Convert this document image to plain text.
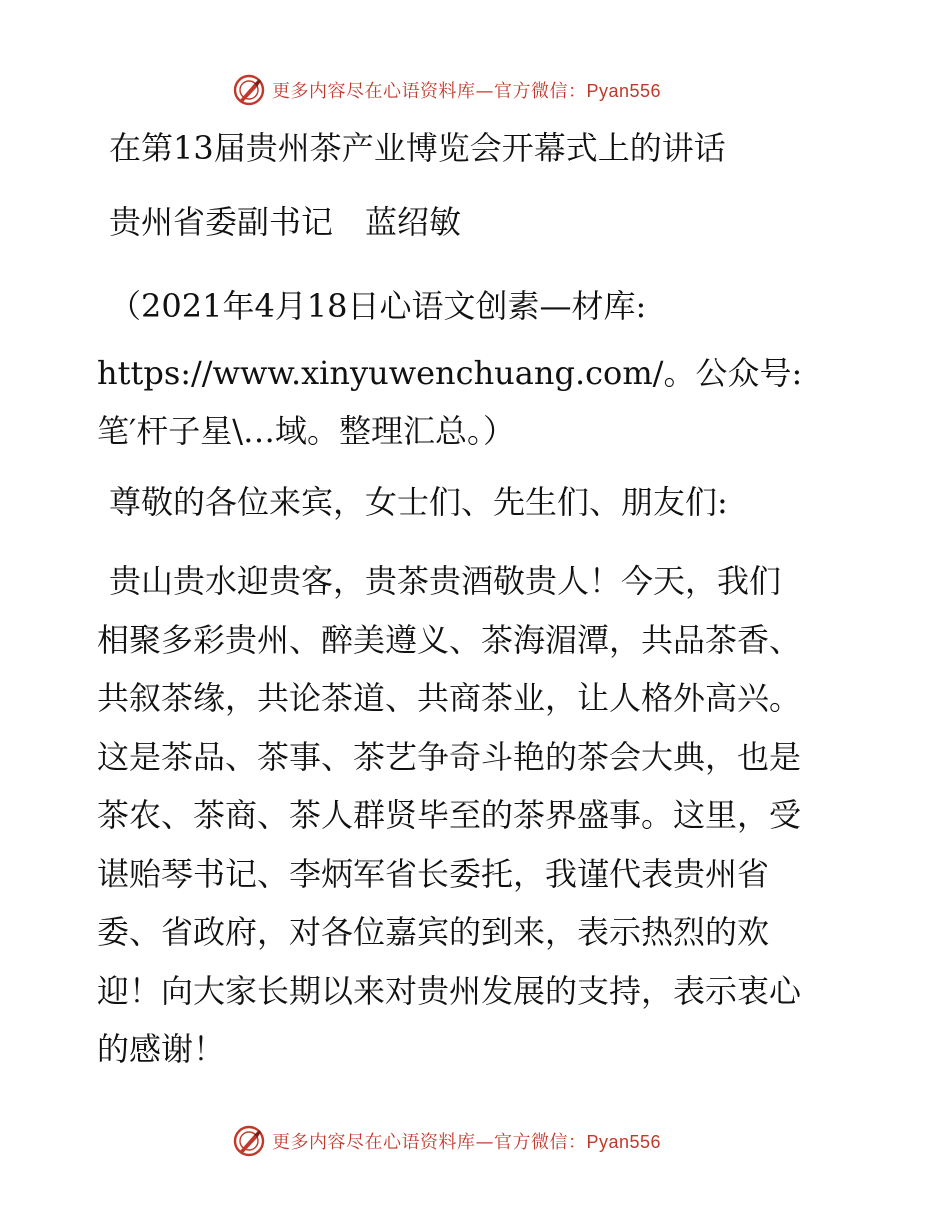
更多内容尽在心语资料库—官方微信：Pyan556
在第13届贵州茶产业博览会开幕式上的讲话
贵州省委副书记　蓝绍敏
（2021年4月18日心语文创素—材库:
https://www.xinyuwenchuang.com/。公众号:
笔′杆子星\…域。整理汇总。）
尊敬的各位来宾，女士们、先生们、朋友们:
贵山贵水迎贵客，贵茶贵酒敬贵人！今天，我们
相聚多彩贵州、醉美遵义、茶海湄潭，共品茶香、
共叙茶缘，共论茶道、共商茶业，让人格外高兴。
这是茶品、茶事、茶艺争奇斗艳的茶会大典，也是
茶农、茶商、茶人群贤毕至的茶界盛事。这里，受
谌贻琴书记、李炳军省长委托，我谨代表贵州省
委、省政府，对各位嘉宾的到来，表示热烈的欢
迎！向大家长期以来对贵州发展的支持，表示衷心
的感谢！
更多内容尽在心语资料库—官方微信：Pyan556
